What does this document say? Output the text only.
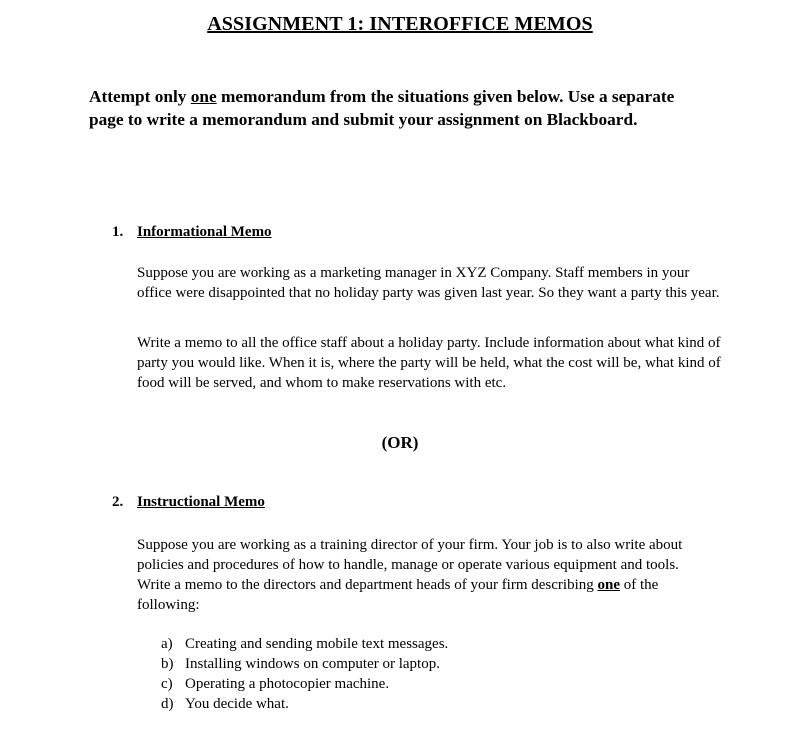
ASSIGNMENT 1: INTEROFFICE MEMOS
Attempt only one memorandum from the situations given below. Use a separate page to write a memorandum and submit your assignment on Blackboard.
1. Informational Memo

Suppose you are working as a marketing manager in XYZ Company. Staff members in your office were disappointed that no holiday party was given last year. So they want a party this year.

Write a memo to all the office staff about a holiday party. Include information about what kind of party you would like. When it is, where the party will be held, what the cost will be, what kind of food will be served, and whom to make reservations with etc.

(OR)
2. Instructional Memo

Suppose you are working as a training director of your firm. Your job is to also write about policies and procedures of how to handle, manage or operate various equipment and tools. Write a memo to the directors and department heads of your firm describing one of the following:

a) Creating and sending mobile text messages.
b) Installing windows on computer or laptop.
c) Operating a photocopier machine.
d) You decide what.
